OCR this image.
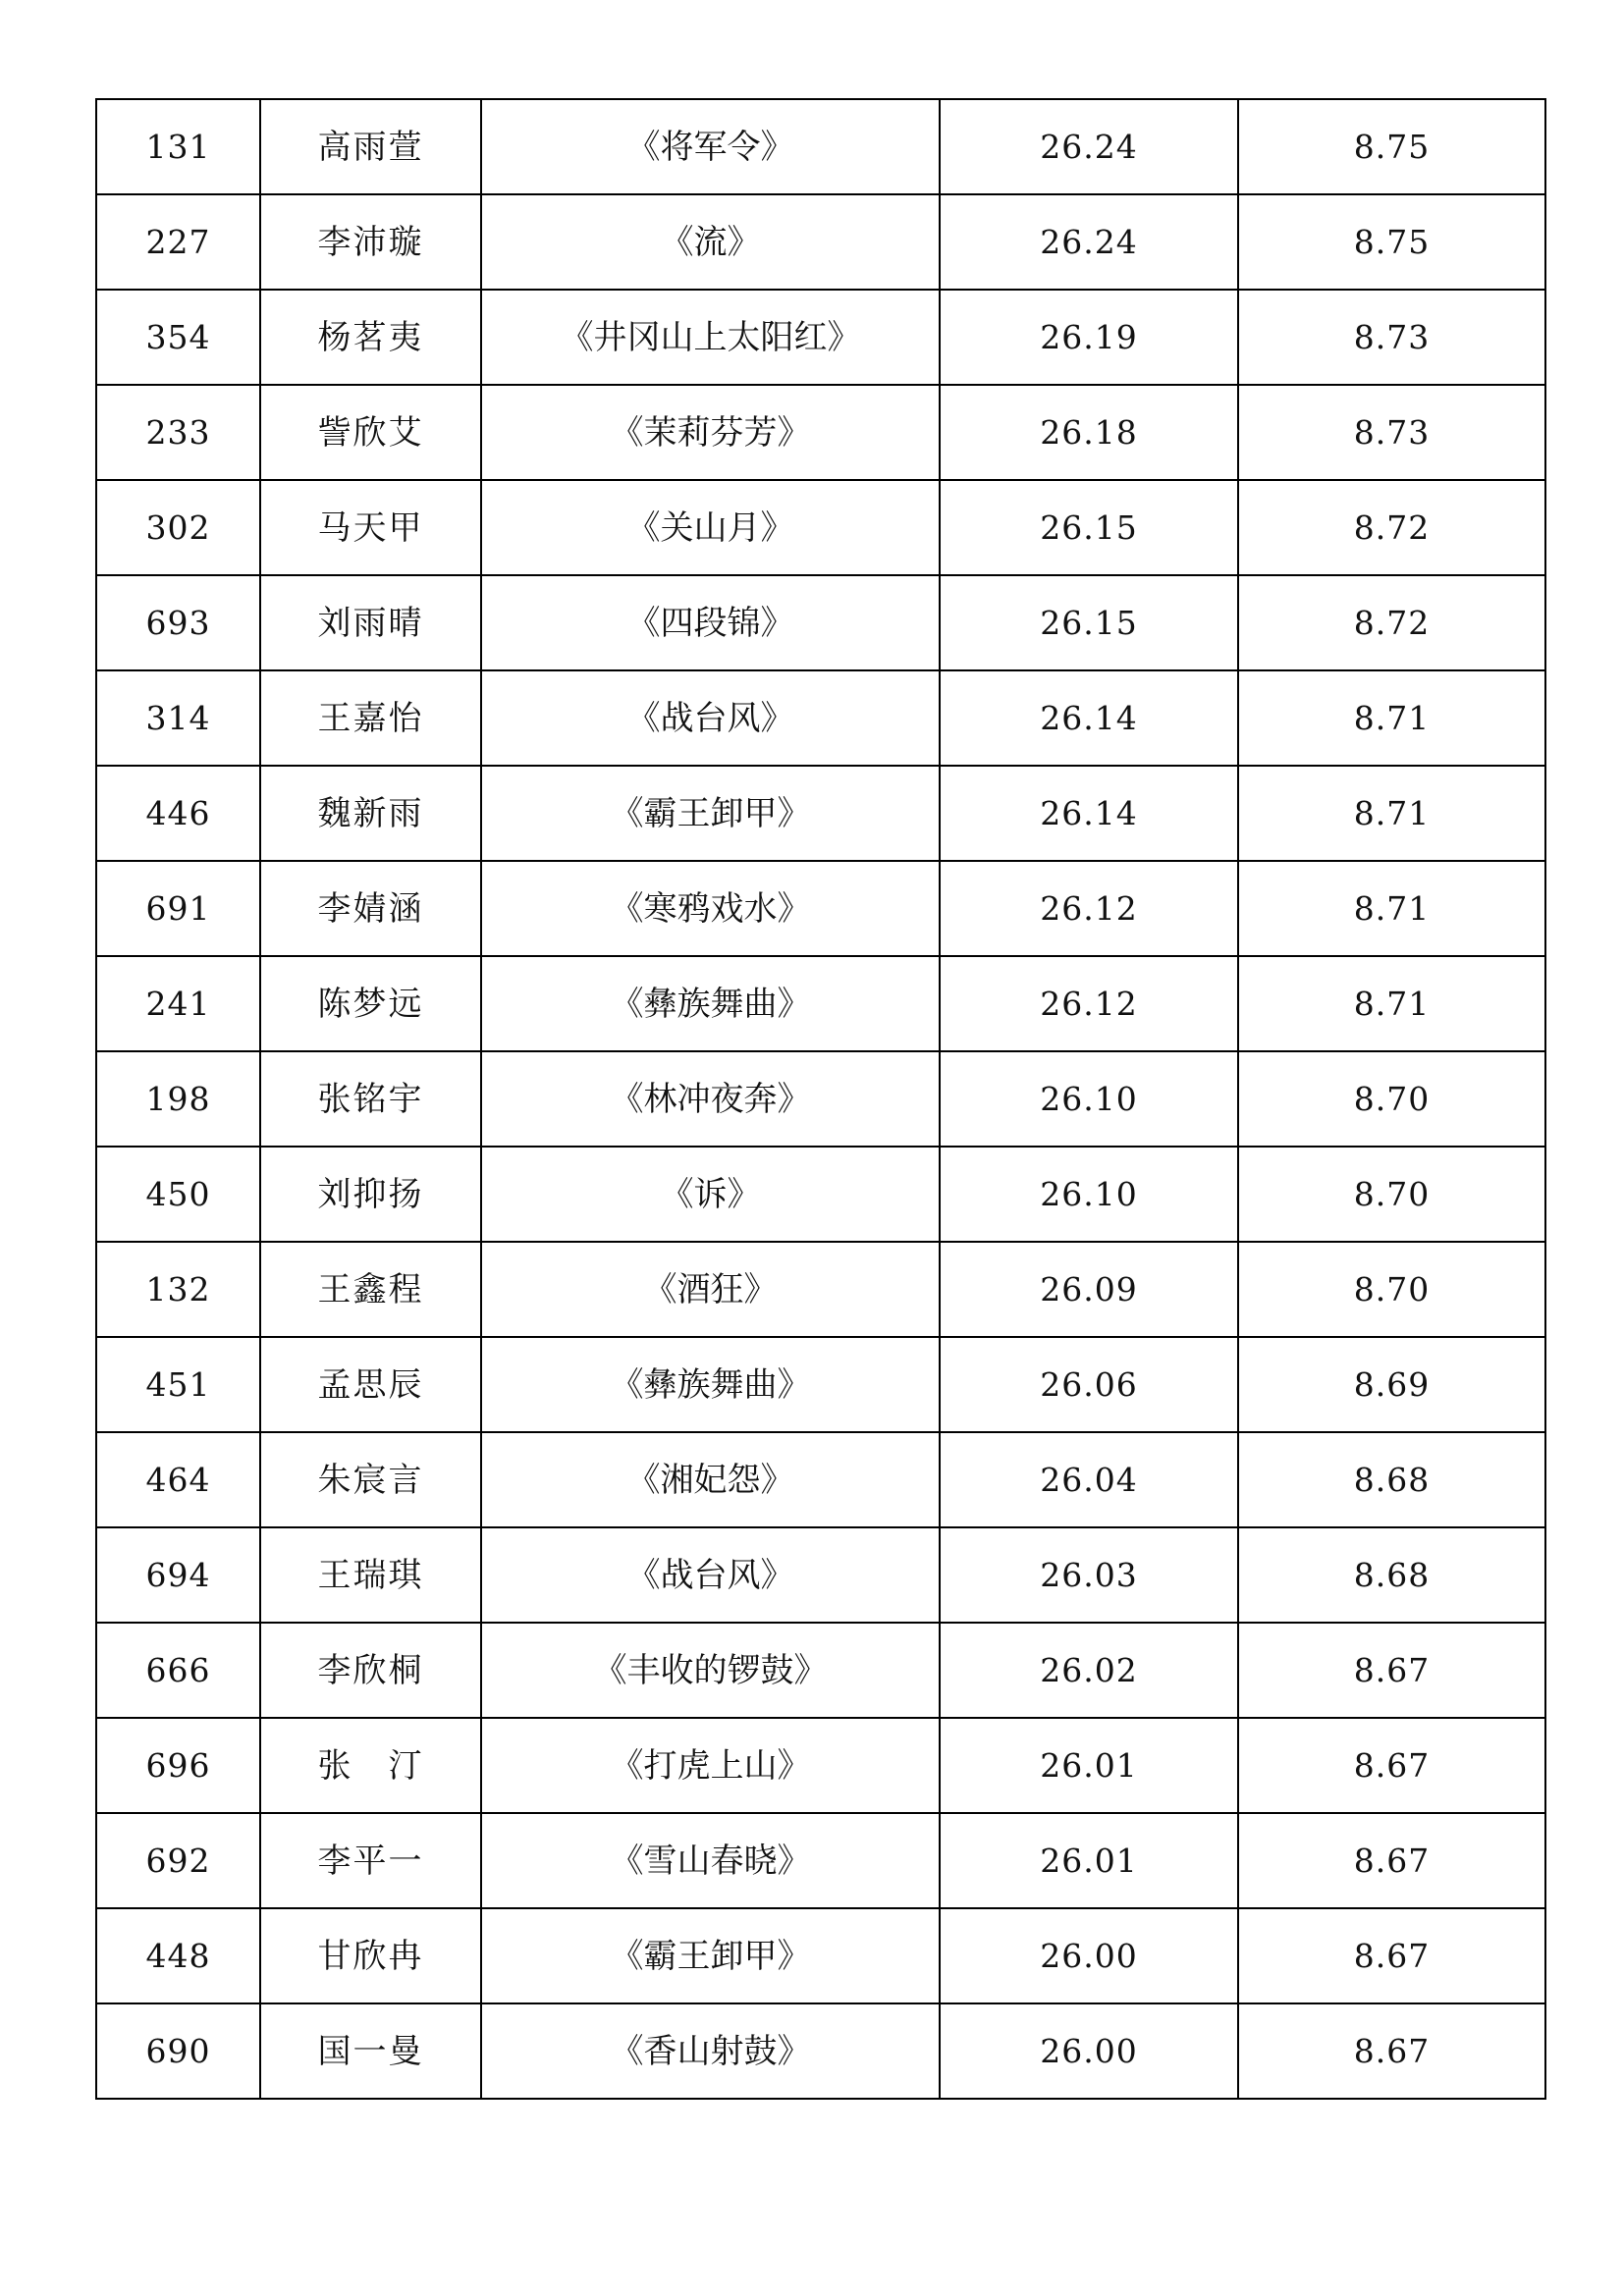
131	高雨萱	《将军令》	26.24	8.75
227	李沛璇	《流》	26.24	8.75
354	杨茗夷	《井冈山上太阳红》	26.19	8.73
233	訾欣艾	《茉莉芬芳》	26.18	8.73
302	马天甲	《关山月》	26.15	8.72
693	刘雨晴	《四段锦》	26.15	8.72
314	王嘉怡	《战台风》	26.14	8.71
446	魏新雨	《霸王卸甲》	26.14	8.71
691	李婧涵	《寒鸦戏水》	26.12	8.71
241	陈梦远	《彝族舞曲》	26.12	8.71
198	张铭宇	《林冲夜奔》	26.10	8.70
450	刘抑扬	《诉》	26.10	8.70
132	王鑫程	《酒狂》	26.09	8.70
451	孟思辰	《彝族舞曲》	26.06	8.69
464	朱宸言	《湘妃怨》	26.04	8.68
694	王瑞琪	《战台风》	26.03	8.68
666	李欣桐	《丰收的锣鼓》	26.02	8.67
696	张　汀	《打虎上山》	26.01	8.67
692	李平一	《雪山春晓》	26.01	8.67
448	甘欣冉	《霸王卸甲》	26.00	8.67
690	国一曼	《香山射鼓》	26.00	8.67
